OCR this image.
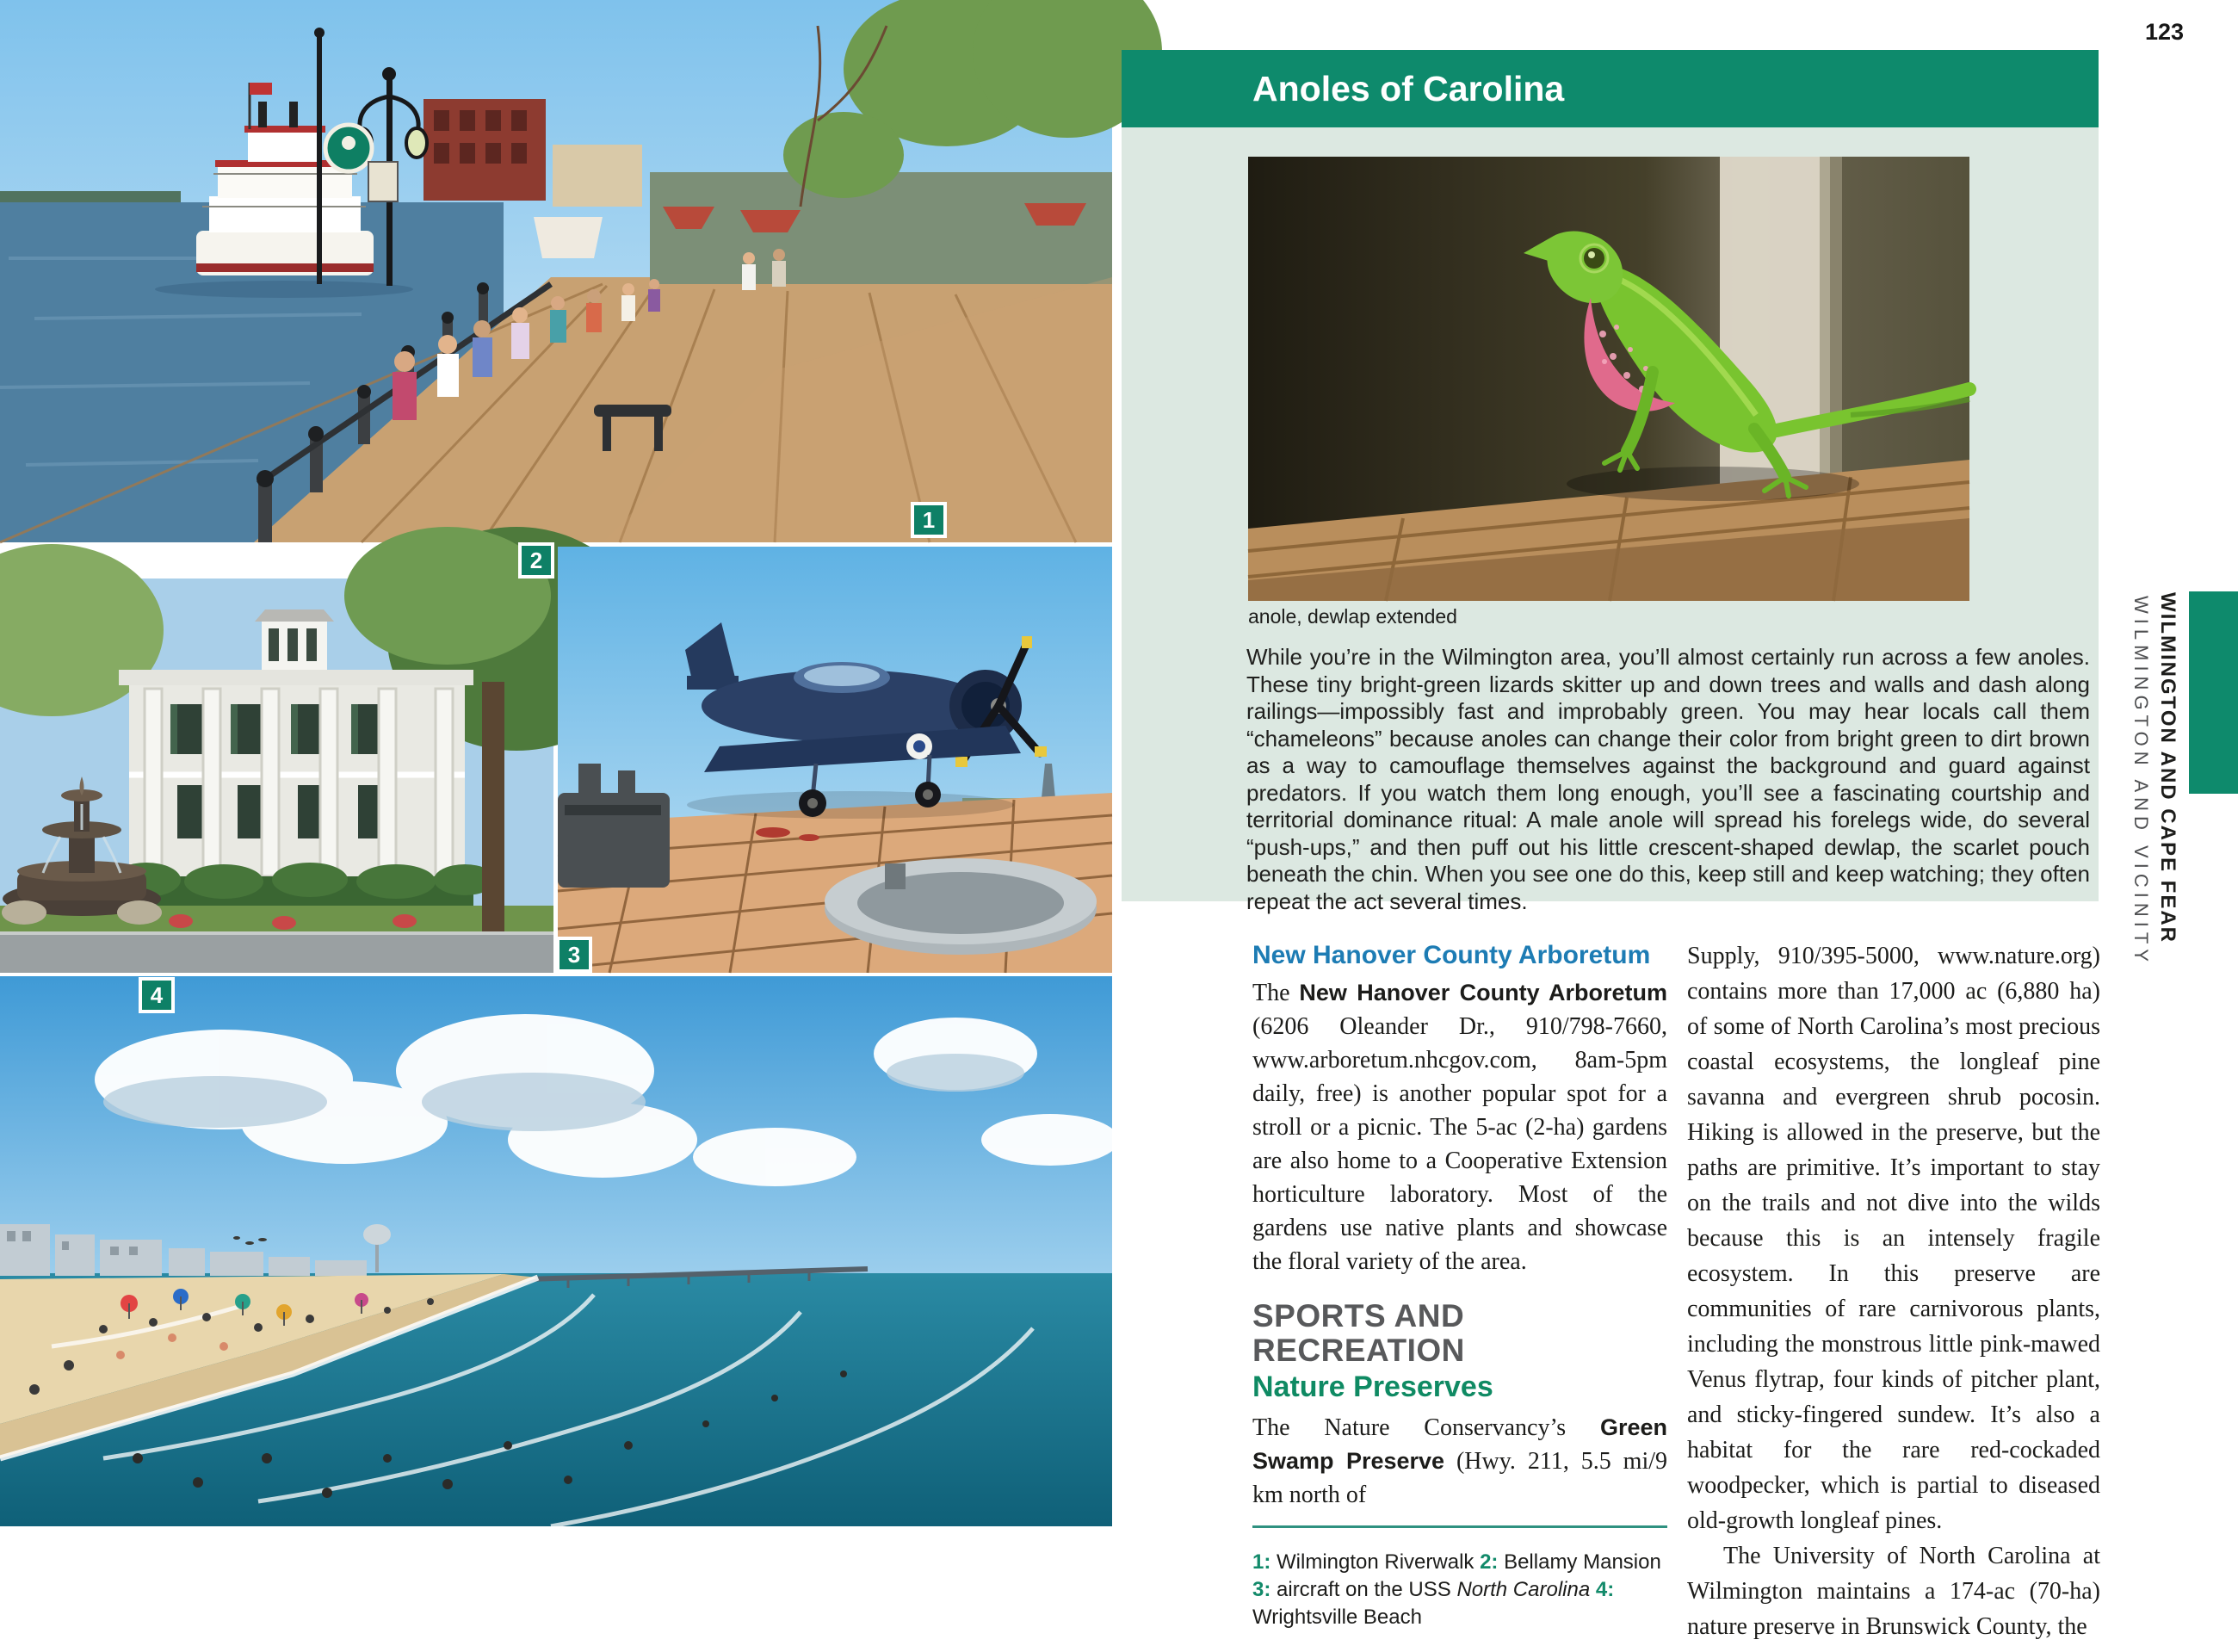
1
2
3
4
123
Anoles of Carolina
anole, dewlap extended
While you’re in the Wilmington area, you’ll almost certainly run across a few anoles. These tiny bright-green lizards skitter up and down trees and walls and dash along railings—impossibly fast and improbably green. You may hear locals call them “chameleons” because anoles can change their color from bright green to dirt brown as a way to camouflage themselves against the background and guard against predators. If you watch them long enough, you’ll see a fascinating courtship and territorial dominance ritual: A male anole will spread his forelegs wide, do several “push-ups,” and then puff out his little crescent-shaped dewlap, the scarlet pouch beneath the chin. When you see one do this, keep still and keep watching; they often repeat the act several times.
New Hanover County Arboretum

The New Hanover County Arboretum (6206 Oleander Dr., 910/798-7660, www.arboretum.nhcgov.com, 8am-5pm daily, free) is another popular spot for a stroll or a picnic. The 5-ac (2-ha) gardens are also home to a Cooperative Extension horticulture laboratory. Most of the gardens use native plants and showcase the floral variety of the area.

SPORTS AND RECREATION
Nature Preserves

The Nature Conservancy’s Green Swamp Preserve (Hwy. 211, 5.5 mi/9 km north of

1: Wilmington Riverwalk 2: Bellamy Mansion 3: aircraft on the USS North Carolina 4: Wrightsville Beach

Supply, 910/395-5000, www.nature.org) contains more than 17,000 ac (6,880 ha) of some of North Carolina’s most precious coastal ecosystems, the longleaf pine savanna and evergreen shrub pocosin. Hiking is allowed in the preserve, but the paths are primitive. It’s important to stay on the trails and not dive into the wilds because this is an intensely fragile ecosystem. In this preserve are communities of rare carnivorous plants, including the monstrous little pink-mawed Venus flytrap, four kinds of pitcher plant, and sticky-fingered sundew. It’s also a habitat for the rare red-cockaded woodpecker, which is partial to diseased old-growth longleaf pines.

The University of North Carolina at Wilmington maintains a 174-ac (70-ha) nature preserve in Brunswick County, the

WILMINGTON AND CAPE FEAR
WILMINGTON AND VICINITY
